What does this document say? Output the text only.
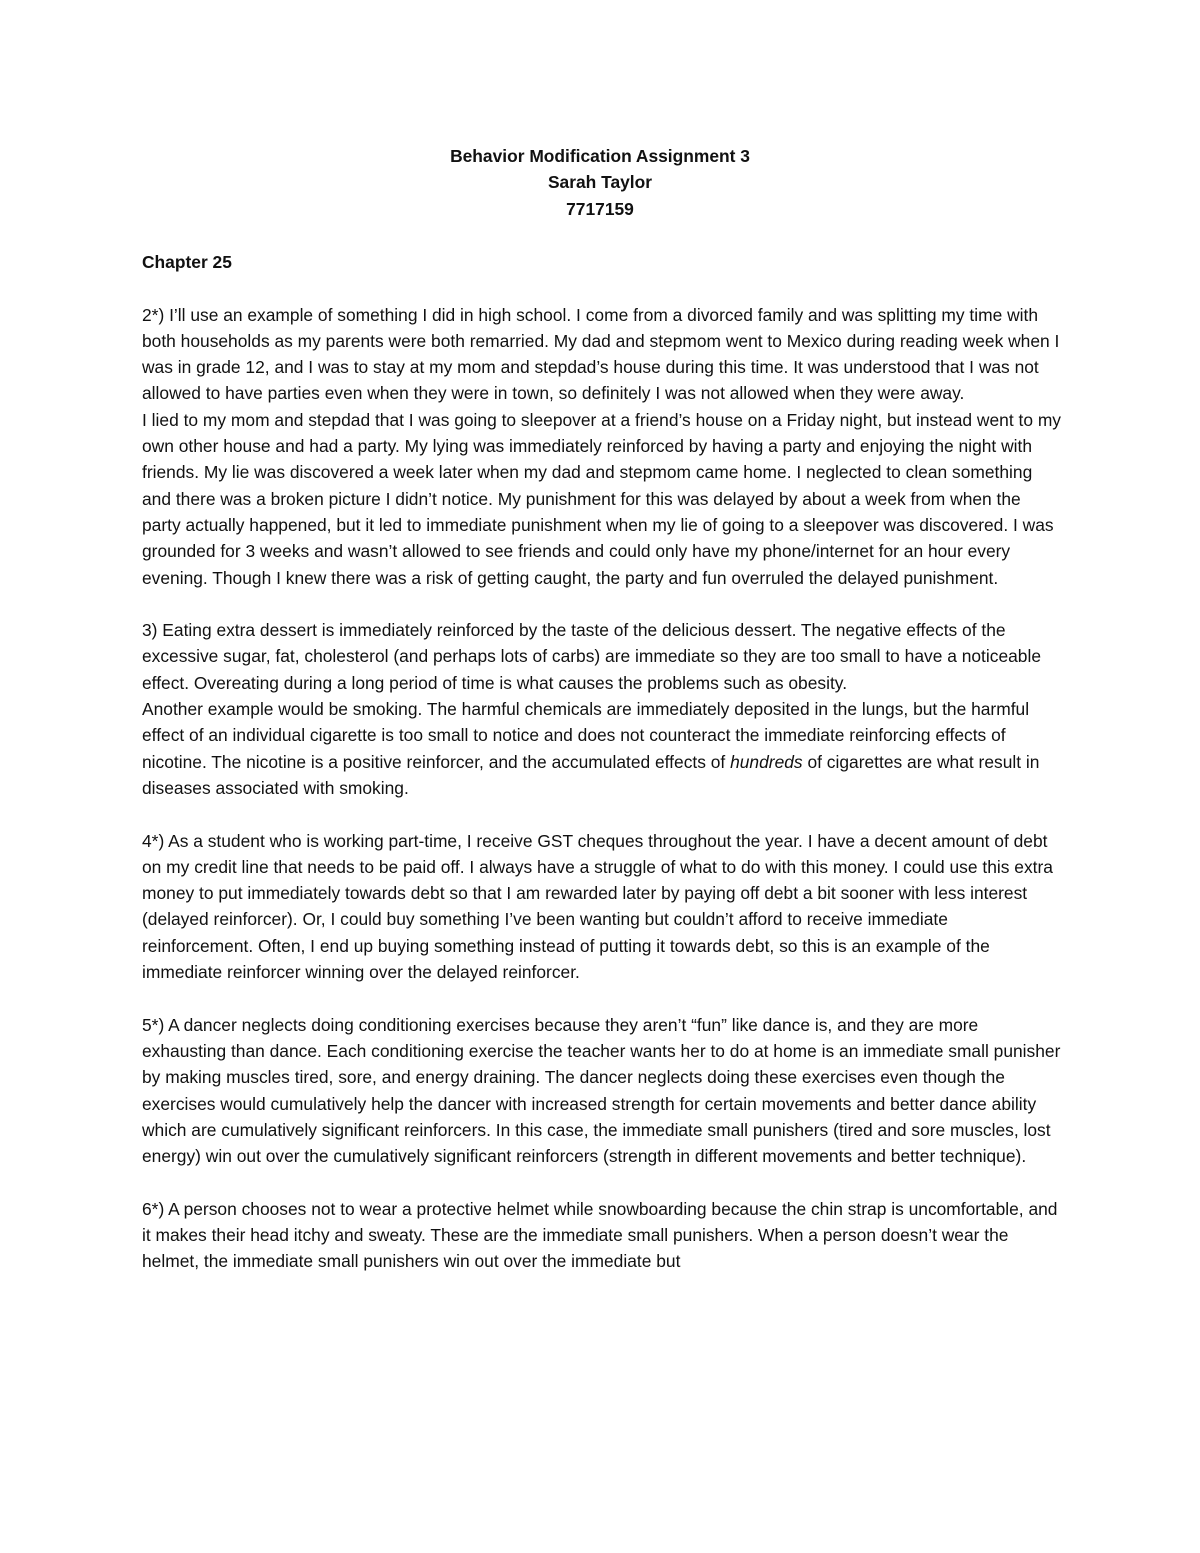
Behavior Modification Assignment 3
Sarah Taylor
7717159
Chapter 25

2*) I’ll use an example of something I did in high school. I come from a divorced family and was splitting my time with both households as my parents were both remarried. My dad and stepmom went to Mexico during reading week when I was in grade 12, and I was to stay at my mom and stepdad’s house during this time. It was understood that I was not allowed to have parties even when they were in town, so definitely I was not allowed when they were away.

I lied to my mom and stepdad that I was going to sleepover at a friend’s house on a Friday night, but instead went to my own other house and had a party. My lying was immediately reinforced by having a party and enjoying the night with friends. My lie was discovered a week later when my dad and stepmom came home. I neglected to clean something and there was a broken picture I didn’t notice. My punishment for this was delayed by about a week from when the party actually happened, but it led to immediate punishment when my lie of going to a sleepover was discovered. I was grounded for 3 weeks and wasn’t allowed to see friends and could only have my phone/internet for an hour every evening. Though I knew there was a risk of getting caught, the party and fun overruled the delayed punishment.

3) Eating extra dessert is immediately reinforced by the taste of the delicious dessert. The negative effects of the excessive sugar, fat, cholesterol (and perhaps lots of carbs) are immediate so they are too small to have a noticeable effect. Overeating during a long period of time is what causes the problems such as obesity.

Another example would be smoking. The harmful chemicals are immediately deposited in the lungs, but the harmful effect of an individual cigarette is too small to notice and does not counteract the immediate reinforcing effects of nicotine. The nicotine is a positive reinforcer, and the accumulated effects of hundreds of cigarettes are what result in diseases associated with smoking.

4*) As a student who is working part-time, I receive GST cheques throughout the year. I have a decent amount of debt on my credit line that needs to be paid off. I always have a struggle of what to do with this money. I could use this extra money to put immediately towards debt so that I am rewarded later by paying off debt a bit sooner with less interest (delayed reinforcer). Or, I could buy something I’ve been wanting but couldn’t afford to receive immediate reinforcement. Often, I end up buying something instead of putting it towards debt, so this is an example of the immediate reinforcer winning over the delayed reinforcer.

5*) A dancer neglects doing conditioning exercises because they aren’t “fun” like dance is, and they are more exhausting than dance. Each conditioning exercise the teacher wants her to do at home is an immediate small punisher by making muscles tired, sore, and energy draining. The dancer neglects doing these exercises even though the exercises would cumulatively help the dancer with increased strength for certain movements and better dance ability which are cumulatively significant reinforcers. In this case, the immediate small punishers (tired and sore muscles, lost energy) win out over the cumulatively significant reinforcers (strength in different movements and better technique).

6*) A person chooses not to wear a protective helmet while snowboarding because the chin strap is uncomfortable, and it makes their head itchy and sweaty. These are the immediate small punishers. When a person doesn’t wear the helmet, the immediate small punishers win out over the immediate but
